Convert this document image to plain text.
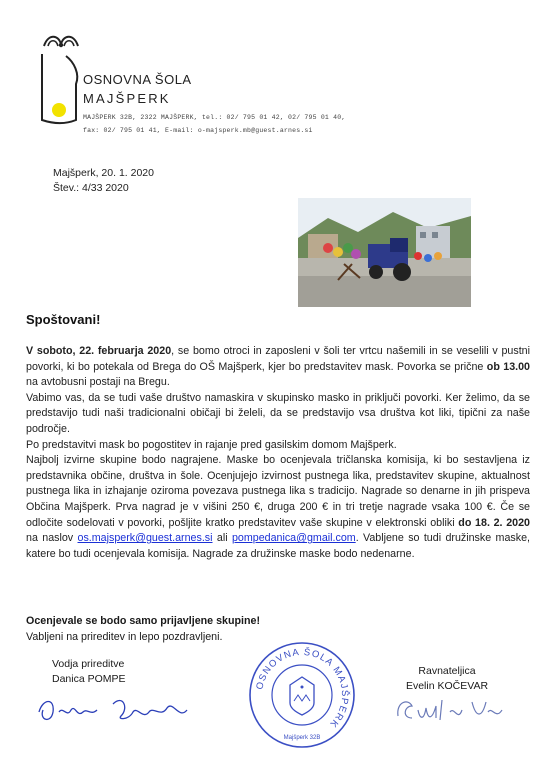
OSNOVNA ŠOLA
MAJŠPERK
MAJŠPERK 32B, 2322 MAJŠPERK, tel.: 02/ 795 01 42, 02/ 795 01 40,
fax: 02/ 795 01 41, E-mail: o-majsperk.mb@guest.arnes.si
Majšperk, 20. 1. 2020
Štev.: 4/33 2020
Spoštovani!

V soboto, 22. februarja 2020, se bomo otroci in zaposleni v šoli ter vrtcu našemili in se veselili v pustni povorki, ki bo potekala od Brega do OŠ Majšperk, kjer bo predstavitev mask. Povorka se prične ob 13.00 na avtobusni postaji na Bregu.

Vabimo vas, da se tudi vaše društvo namaskira v skupinsko masko in priključi povorki. Ker želimo, da se predstavijo tudi naši tradicionalni običaji bi želeli, da se predstavijo vsa društva kot liki, tipični za naše področje.

Po predstavitvi mask bo pogostitev in rajanje pred gasilskim domom Majšperk.

Najbolj izvirne skupine bodo nagrajene. Maske bo ocenjevala tričlanska komisija, ki bo sestavljena iz predstavnika občine, društva in šole. Ocenjujejo izvirnost pustnega lika, predstavitev skupine, aktualnost pustnega lika in izhajanje oziroma povezava pustnega lika s tradicijo. Nagrade so denarne in jih prispeva Občina Majšperk. Prva nagrad je v višini 250 €, druga 200 € in tri tretje nagrade vsaka 100 €. Če se odločite sodelovati v povorki, pošljite kratko predstavitev vaše skupine v elektronski obliki do 18. 2. 2020 na naslov os.majsperk@guest.arnes.si ali pompedanica@gmail.com. Vabljene so tudi družinske maske, katere bo tudi ocenjevala komisija. Nagrade za družinske maske bodo nedenarne.

Ocenjevale se bodo samo prijavljene skupine!
Vabljeni na prireditev in lepo pozdravljeni.
Vodja prireditve
Danica POMPE
OSNOVNA ŠOLA MAJŠPERK
Majšperk 32B
Ravnateljica
Evelin KOČEVAR
